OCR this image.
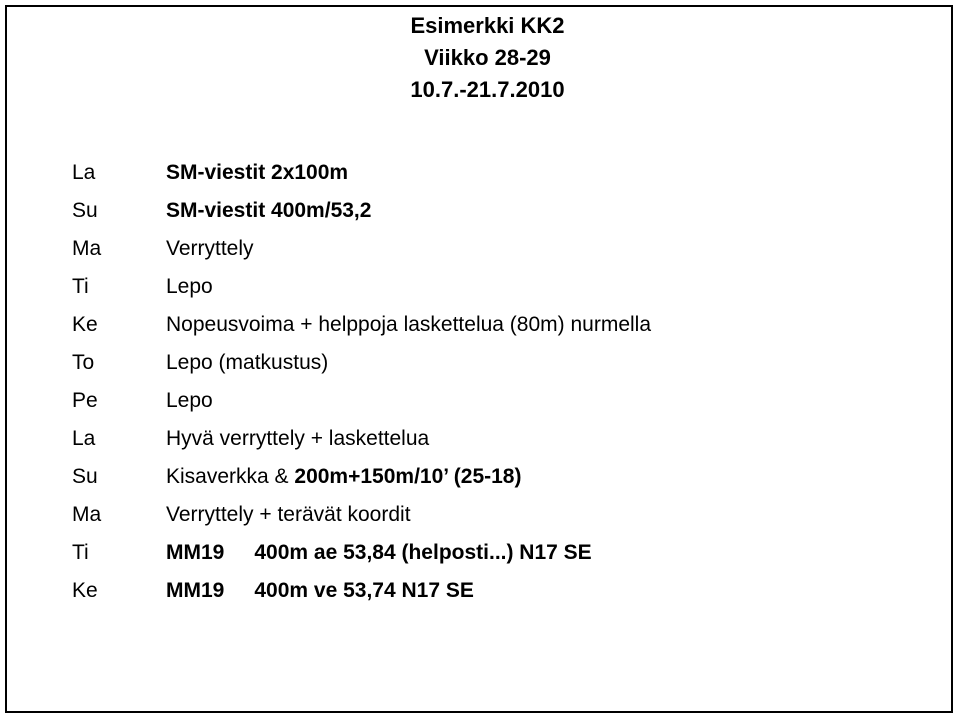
Esimerkki KK2
Viikko 28-29
10.7.-21.7.2010
La	SM-viestit 2x100m
Su	SM-viestit 400m/53,2
Ma	Verryttely
Ti	Lepo
Ke	Nopeusvoima + helppoja laskettelua (80m) nurmella
To	Lepo (matkustus)
Pe	Lepo
La	Hyvä verryttely + laskettelua
Su	Kisaverkka & 200m+150m/10’ (25-18)
Ma	Verryttely + terävät koordit
Ti	MM19 400m ae 53,84 (helposti...) N17 SE
Ke	MM19 400m ve 53,74 N17 SE
